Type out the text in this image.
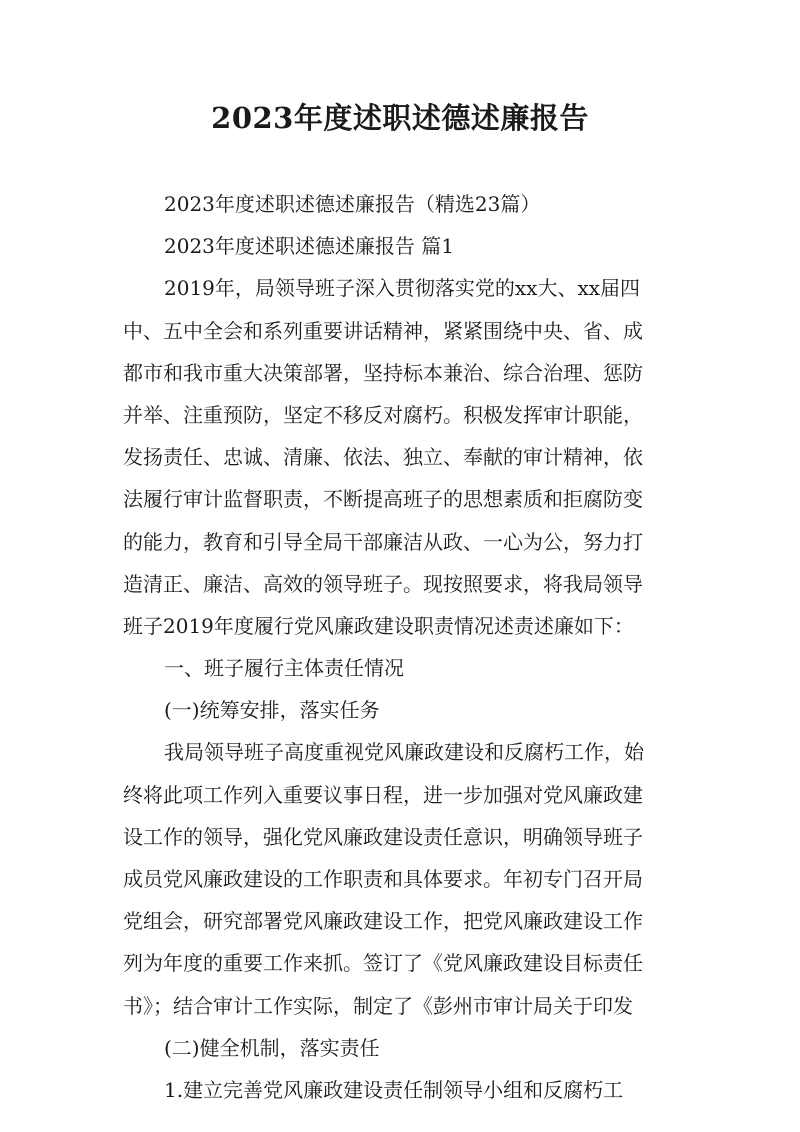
2023年度述职述德述廉报告
2023年度述职述德述廉报告（精选23篇）
2023年度述职述德述廉报告 篇1
2019年，局领导班子深入贯彻落实党的xx大、xx届四
中、五中全会和系列重要讲话精神，紧紧围绕中央、省、成
都市和我市重大决策部署，坚持标本兼治、综合治理、惩防
并举、注重预防，坚定不移反对腐朽。积极发挥审计职能，
发扬责任、忠诚、清廉、依法、独立、奉献的审计精神，依
法履行审计监督职责，不断提高班子的思想素质和拒腐防变
的能力，教育和引导全局干部廉洁从政、一心为公，努力打
造清正、廉洁、高效的领导班子。现按照要求，将我局领导
班子2019年度履行党风廉政建设职责情况述责述廉如下：
一、班子履行主体责任情况
(一)统筹安排，落实任务
我局领导班子高度重视党风廉政建设和反腐朽工作，始
终将此项工作列入重要议事日程，进一步加强对党风廉政建
设工作的领导，强化党风廉政建设责任意识，明确领导班子
成员党风廉政建设的工作职责和具体要求。年初专门召开局
党组会，研究部署党风廉政建设工作，把党风廉政建设工作
列为年度的重要工作来抓。签订了《党风廉政建设目标责任
书》；结合审计工作实际，制定了《彭州市审计局关于印发
(二)健全机制，落实责任
1.建立完善党风廉政建设责任制领导小组和反腐朽工
